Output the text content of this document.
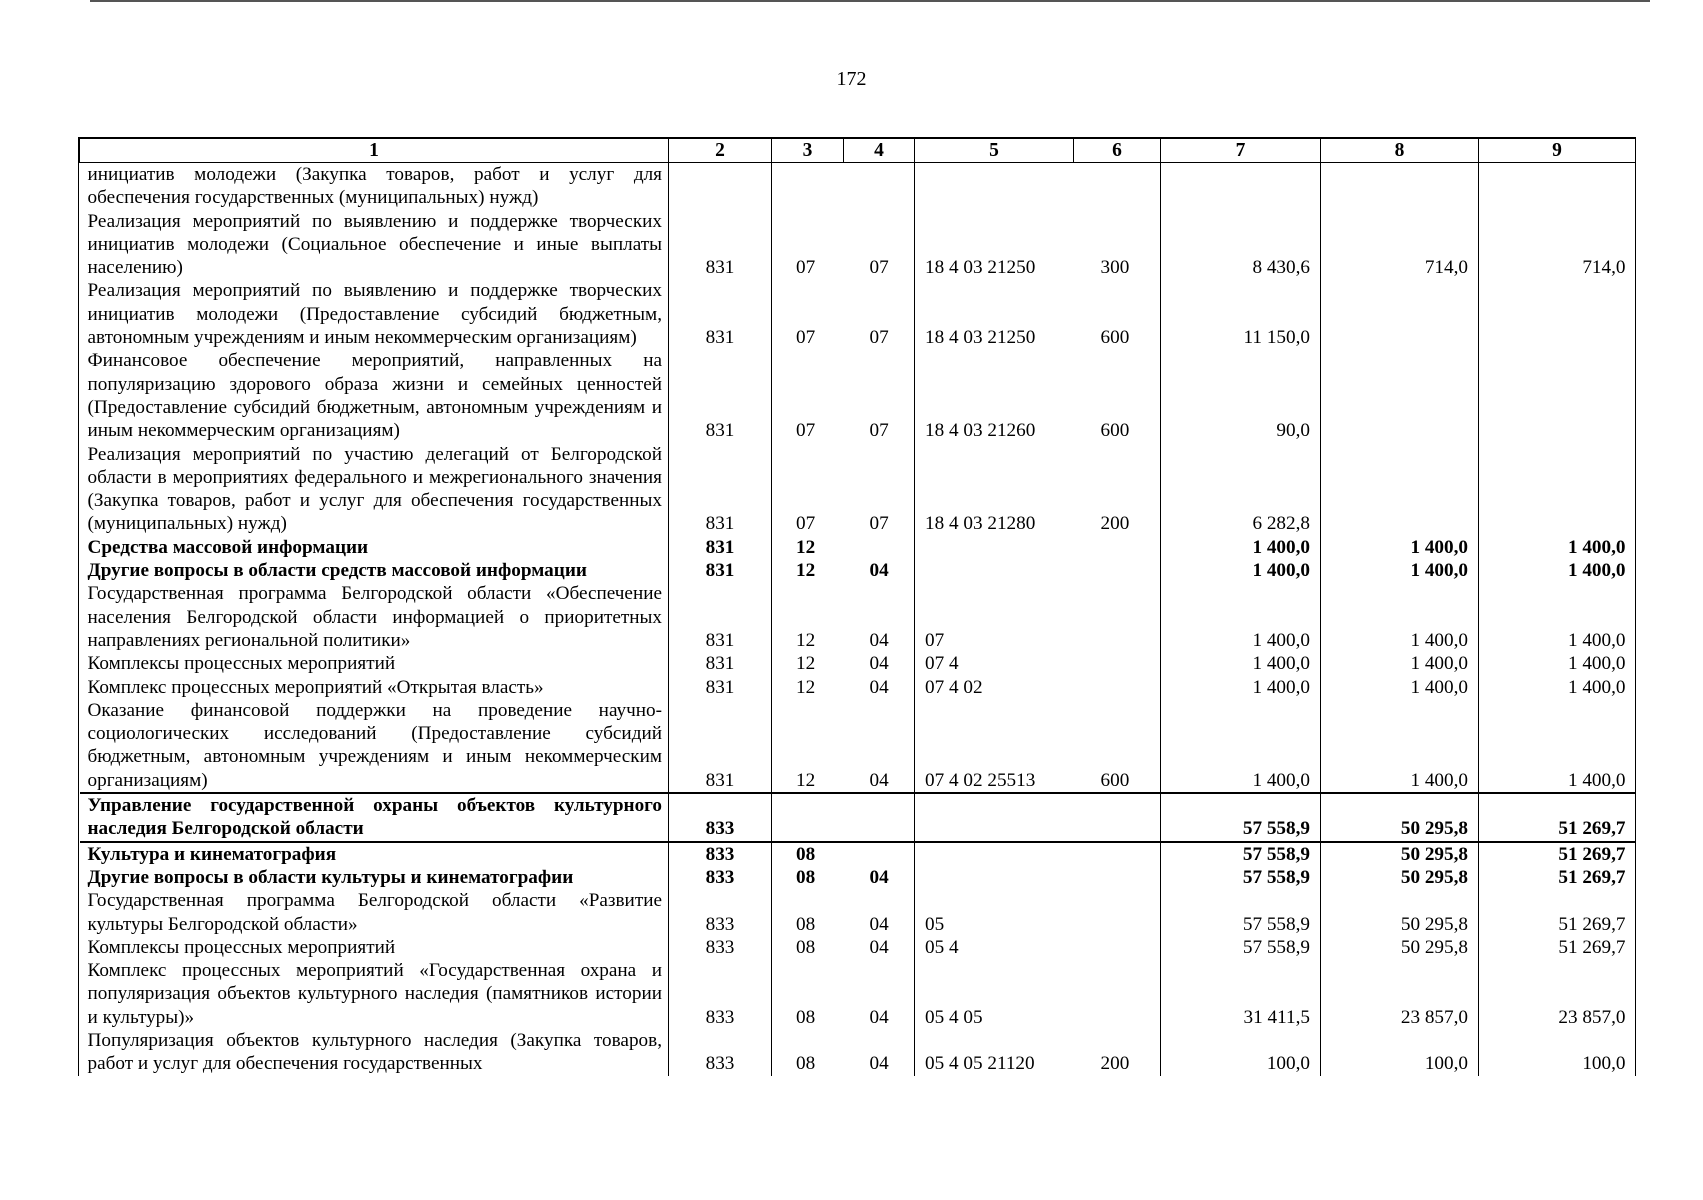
172
1	2	3	4	5	6	7	8	9
инициатив молодежи (Закупка товаров, работ и услуг для обеспечения государственных (муниципальных) нужд)								
Реализация мероприятий по выявлению и поддержке творческих инициатив молодежи (Социальное обеспечение и иные выплаты населению)	831	07	07	18 4 03 21250	300	8 430,6	714,0	714,0
Реализация мероприятий по выявлению и поддержке творческих инициатив молодежи (Предоставление субсидий бюджетным, автономным учреждениям и иным некоммерческим организациям)	831	07	07	18 4 03 21250	600	11 150,0		
Финансовое обеспечение мероприятий, направленных на популяризацию здорового образа жизни и семейных ценностей (Предоставление субсидий бюджетным, автономным учреждениям и иным некоммерческим организациям)	831	07	07	18 4 03 21260	600	90,0		
Реализация мероприятий по участию делегаций от Белгородской области в мероприятиях федерального и межрегионального значения (Закупка товаров, работ и услуг для обеспечения государственных (муниципальных) нужд)	831	07	07	18 4 03 21280	200	6 282,8		
Средства массовой информации	831	12				1 400,0	1 400,0	1 400,0
Другие вопросы в области средств массовой информации	831	12	04			1 400,0	1 400,0	1 400,0
Государственная программа Белгородской области «Обеспечение населения Белгородской области информацией о приоритетных направлениях региональной политики»	831	12	04	07		1 400,0	1 400,0	1 400,0
Комплексы процессных мероприятий	831	12	04	07 4		1 400,0	1 400,0	1 400,0
Комплекс процессных мероприятий «Открытая власть»	831	12	04	07 4 02		1 400,0	1 400,0	1 400,0
Оказание финансовой поддержки на проведение научно-социологических исследований (Предоставление субсидий бюджетным, автономным учреждениям и иным некоммерческим организациям)	831	12	04	07 4 02 25513	600	1 400,0	1 400,0	1 400,0
Управление государственной охраны объектов культурного наследия Белгородской области	833					57 558,9	50 295,8	51 269,7
Культура и кинематография	833	08				57 558,9	50 295,8	51 269,7
Другие вопросы в области культуры и кинематографии	833	08	04			57 558,9	50 295,8	51 269,7
Государственная программа Белгородской области «Развитие культуры Белгородской области»	833	08	04	05		57 558,9	50 295,8	51 269,7
Комплексы процессных мероприятий	833	08	04	05 4		57 558,9	50 295,8	51 269,7
Комплекс процессных мероприятий «Государственная охрана и популяризация объектов культурного наследия (памятников истории и культуры)»	833	08	04	05 4 05		31 411,5	23 857,0	23 857,0
Популяризация объектов культурного наследия (Закупка товаров, работ и услуг для обеспечения государственных	833	08	04	05 4 05 21120	200	100,0	100,0	100,0
